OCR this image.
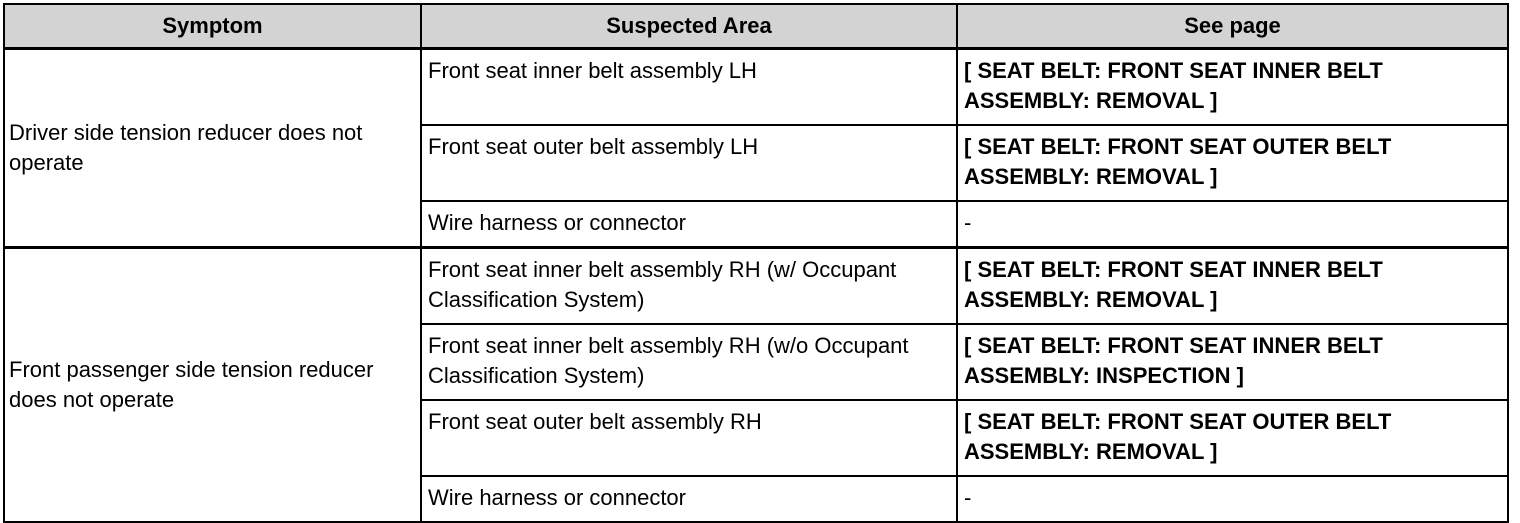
Symptom	Suspected Area	See page
Driver side tension reducer does not operate	Front seat inner belt assembly LH	[ SEAT BELT: FRONT SEAT INNER BELT ASSEMBLY: REMOVAL ]
	Front seat outer belt assembly LH	[ SEAT BELT: FRONT SEAT OUTER BELT ASSEMBLY: REMOVAL ]
	Wire harness or connector	-
Front passenger side tension reducer does not operate	Front seat inner belt assembly RH (w/ Occupant Classification System)	[ SEAT BELT: FRONT SEAT INNER BELT ASSEMBLY: REMOVAL ]
	Front seat inner belt assembly RH (w/o Occupant Classification System)	[ SEAT BELT: FRONT SEAT INNER BELT ASSEMBLY: INSPECTION ]
	Front seat outer belt assembly RH	[ SEAT BELT: FRONT SEAT OUTER BELT ASSEMBLY: REMOVAL ]
	Wire harness or connector	-
